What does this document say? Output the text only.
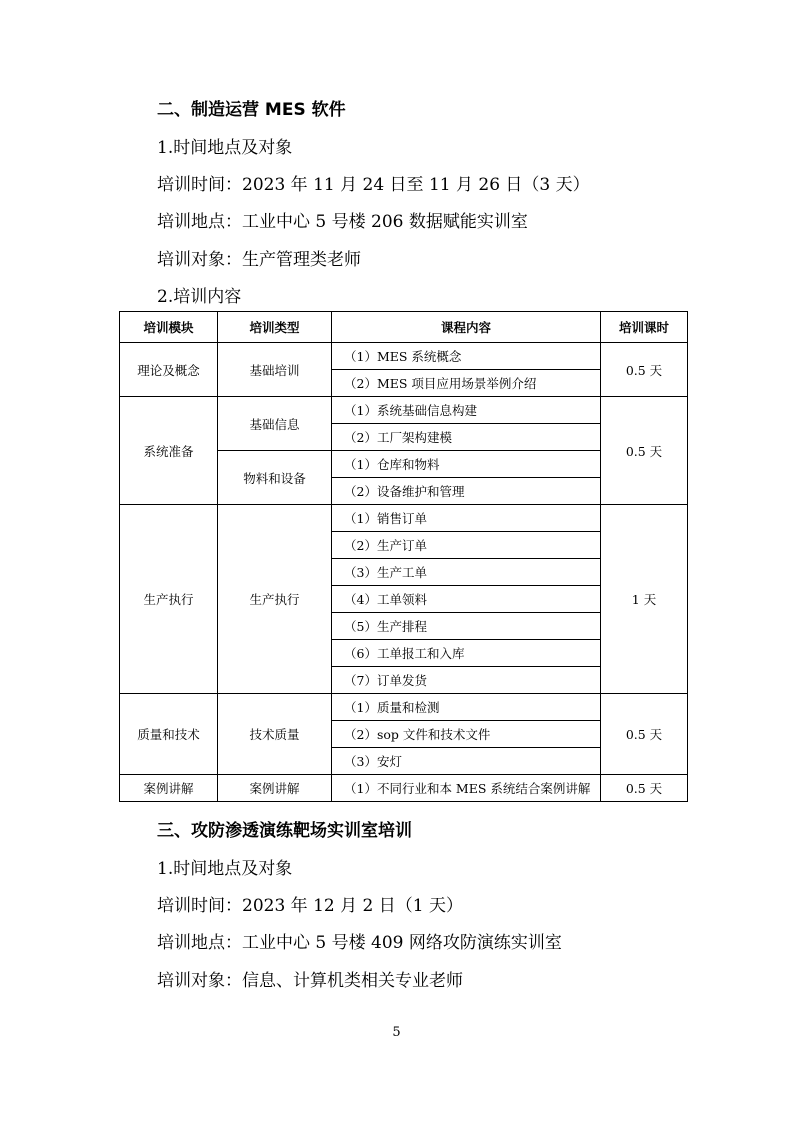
二、制造运营 MES 软件
1.时间地点及对象
培训时间：2023 年 11 月 24 日至 11 月 26 日（3 天）
培训地点：工业中心 5 号楼 206 数据赋能实训室
培训对象：生产管理类老师
2.培训内容
培训模块	培训类型	课程内容	培训课时
理论及概念	基础培训	（1）MES 系统概念	0.5 天
		（2）MES 项目应用场景举例介绍	
系统准备	基础信息	（1）系统基础信息构建	0.5 天
		（2）工厂架构建模	
	物料和设备	（1）仓库和物料	
		（2）设备维护和管理	
生产执行	生产执行	（1）销售订单	1 天
		（2）生产订单	
		（3）生产工单	
		（4）工单领料	
		（5）生产排程	
		（6）工单报工和入库	
		（7）订单发货	
质量和技术	技术质量	（1）质量和检测	0.5 天
		（2）sop 文件和技术文件	
		（3）安灯	
案例讲解	案例讲解	（1）不同行业和本 MES 系统结合案例讲解	0.5 天
三、攻防渗透演练靶场实训室培训
1.时间地点及对象
培训时间：2023 年 12 月 2 日（1 天）
培训地点：工业中心 5 号楼 409 网络攻防演练实训室
培训对象：信息、计算机类相关专业老师
5
